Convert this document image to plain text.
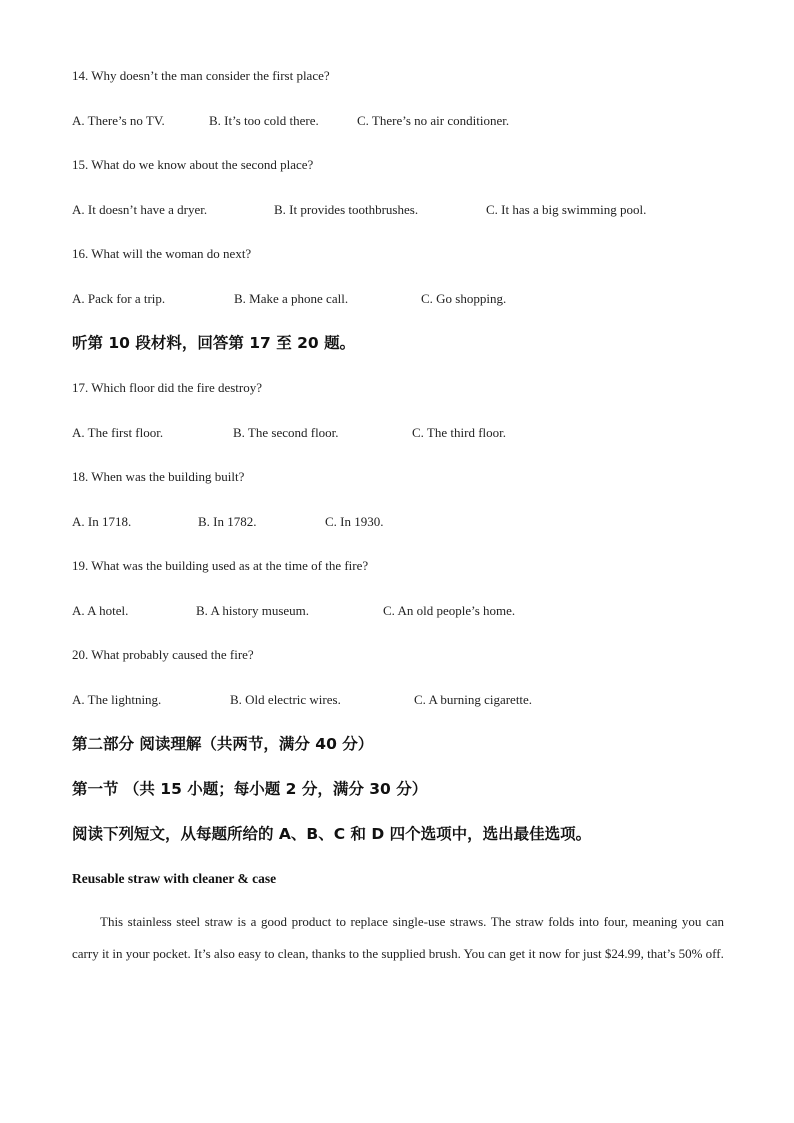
14. Why doesn’t the man consider the first place?
A. There’s no TV.	B. It’s too cold there.	C. There’s no air conditioner.
15. What do we know about the second place?
A. It doesn’t have a dryer.	B. It provides toothbrushes.	C. It has a big swimming pool.
16. What will the woman do next?
A. Pack for a trip.	B. Make a phone call.	C. Go shopping.
听第 10 段材料，回答第 17 至 20 题。
17. Which floor did the fire destroy?
A. The first floor.	B. The second floor.	C. The third floor.
18. When was the building built?
A. In 1718.	B. In 1782.	C. In 1930.
19. What was the building used as at the time of the fire?
A. A hotel.	B. A history museum.	C. An old people’s home.
20. What probably caused the fire?
A. The lightning.	B. Old electric wires.	C. A burning cigarette.
第二部分 阅读理解（共两节，满分 40 分）
第一节 （共 15 小题；每小题 2 分，满分 30 分）
阅读下列短文，从每题所给的 A、B、C 和 D 四个选项中，选出最佳选项。
Reusable straw with cleaner & case
This stainless steel straw is a good product to replace single-use straws. The straw folds into four, meaning you can carry it in your pocket. It’s also easy to clean, thanks to the supplied brush. You can get it now for just $24.99, that’s 50% off.
